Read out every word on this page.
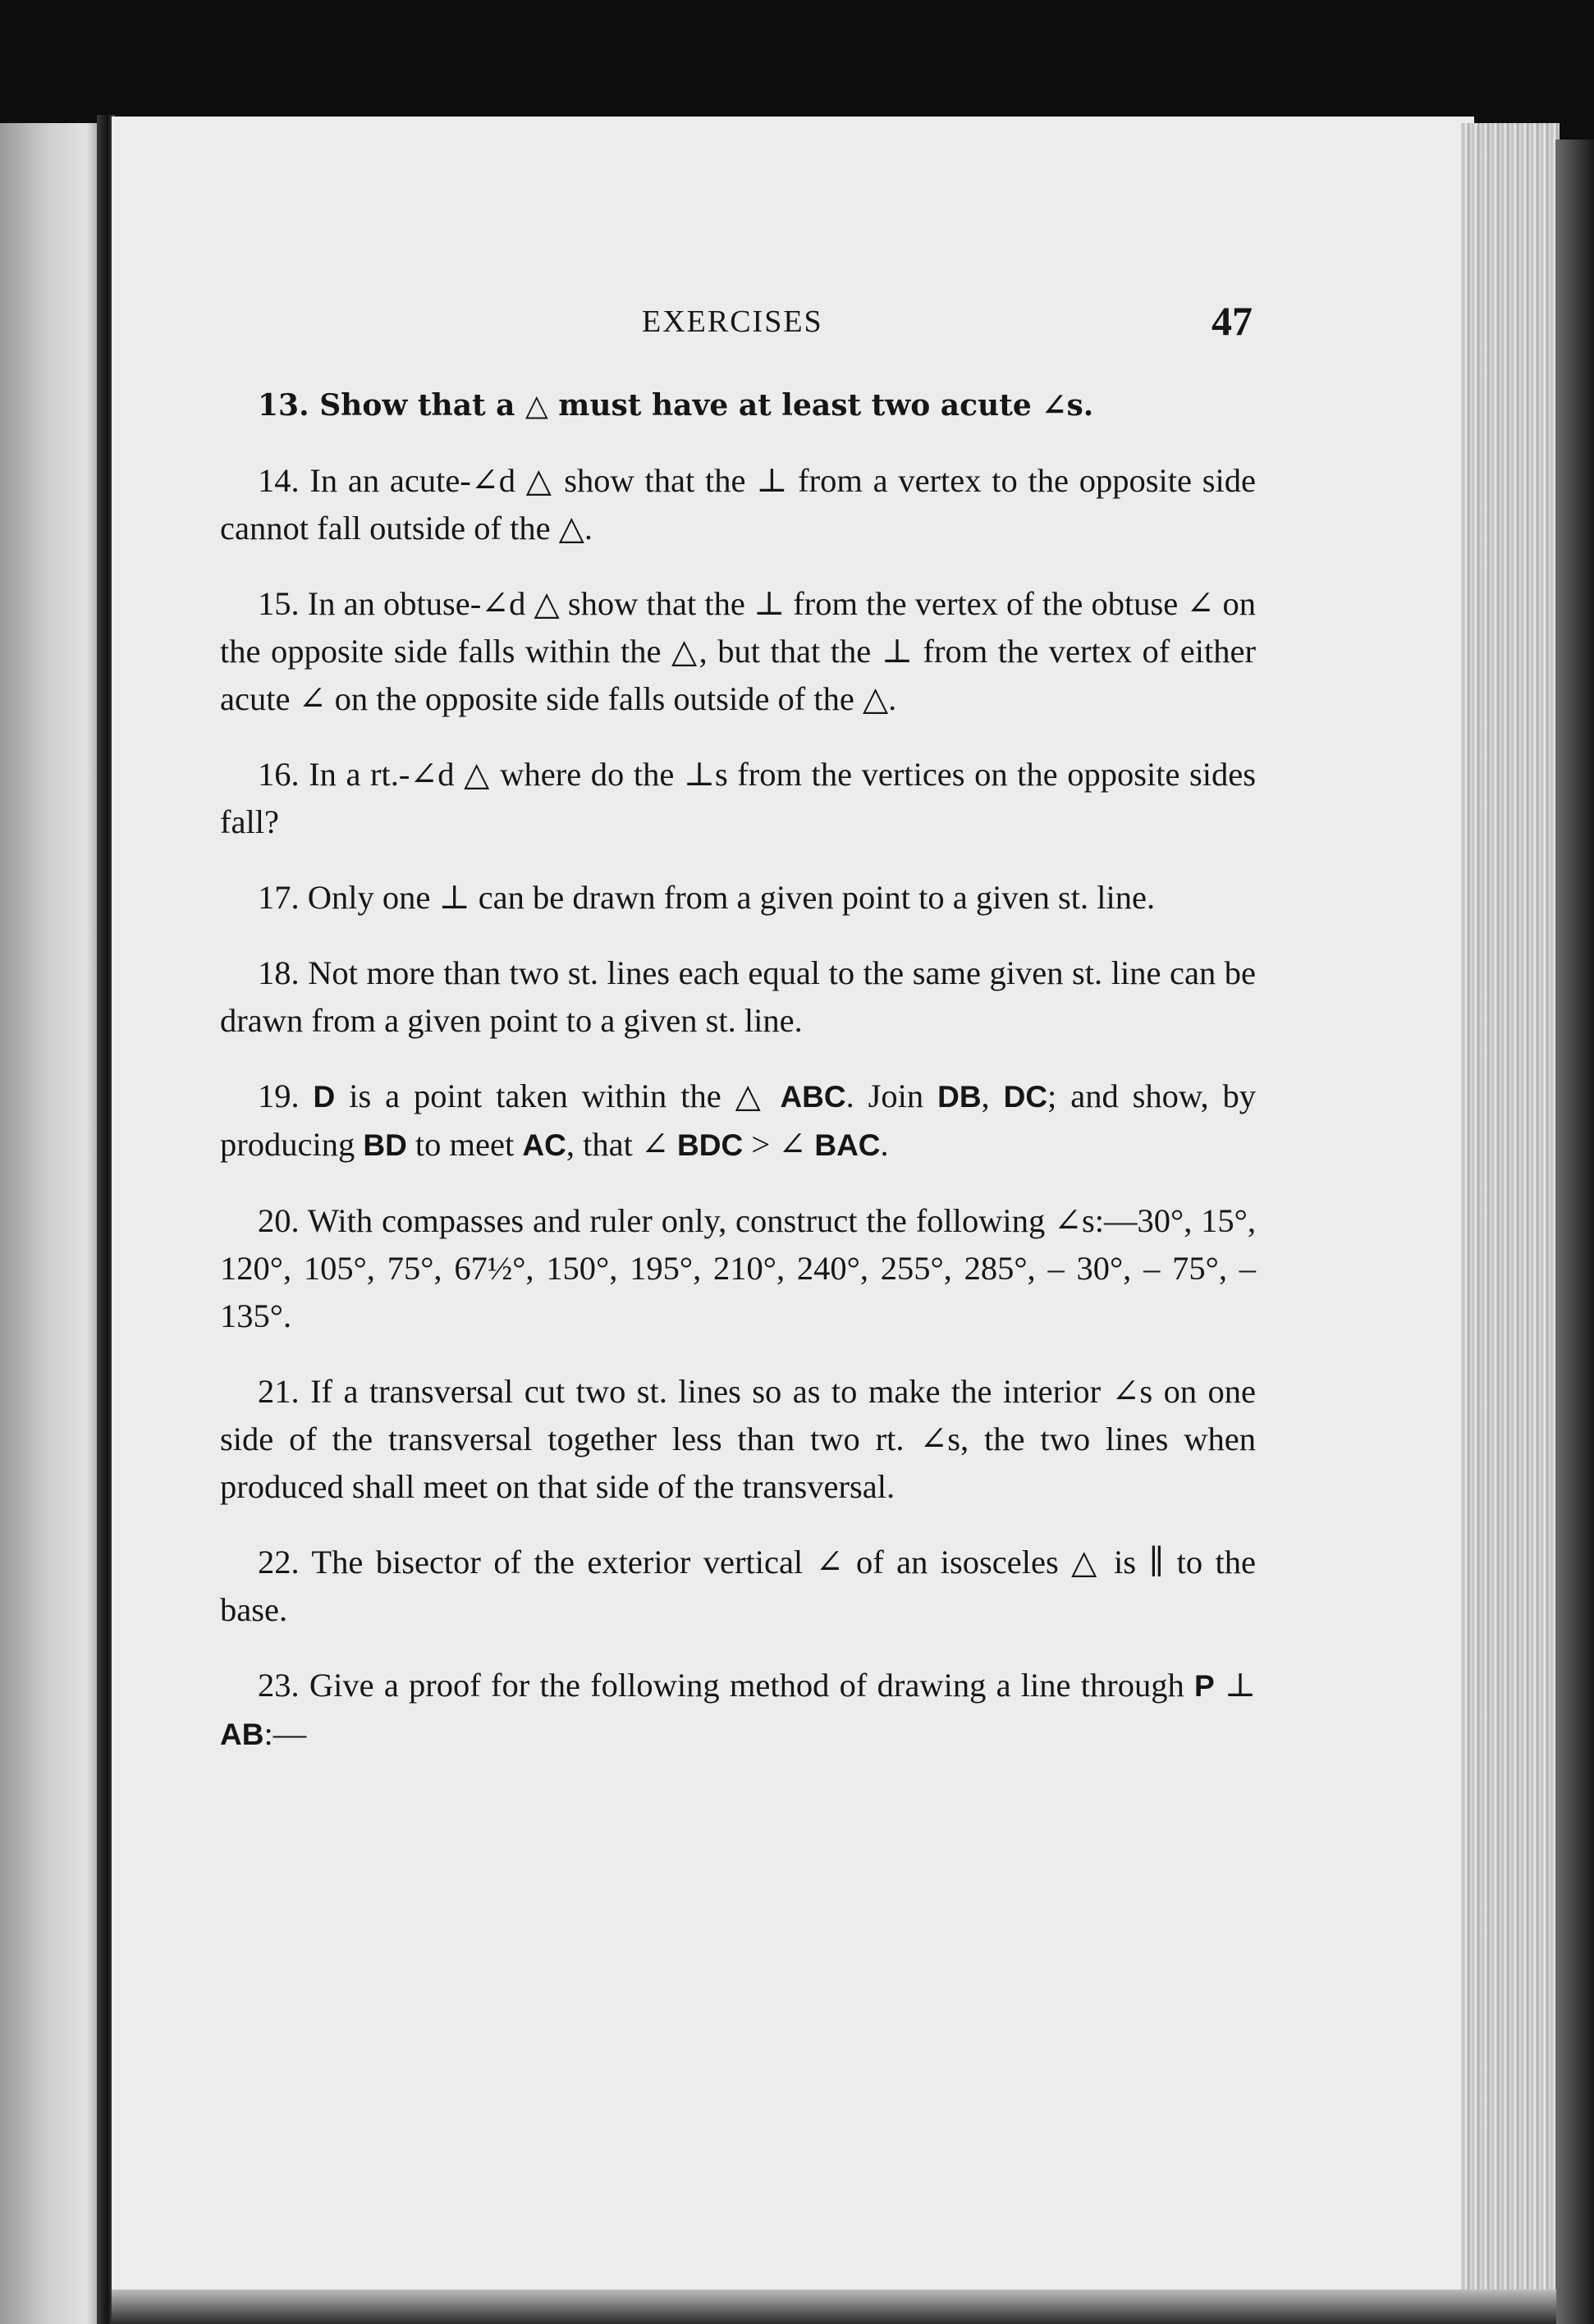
EXERCISES	47

13. Show that a △ must have at least two acute ∠s.

14. In an acute-∠d △ show that the ⊥ from a vertex to the opposite side cannot fall outside of the △.

15. In an obtuse-∠d △ show that the ⊥ from the vertex of the obtuse ∠ on the opposite side falls within the △, but that the ⊥ from the vertex of either acute ∠ on the opposite side falls outside of the △.

16. In a rt.-∠d △ where do the ⊥s from the vertices on the opposite sides fall?

17. Only one ⊥ can be drawn from a given point to a given st. line.

18. Not more than two st. lines each equal to the same given st. line can be drawn from a given point to a given st. line.

19. D is a point taken within the △ ABC. Join DB, DC; and show, by producing BD to meet AC, that ∠ BDC > ∠ BAC.

20. With compasses and ruler only, construct the following ∠s:—30°, 15°, 120°, 105°, 75°, 67½°, 150°, 195°, 210°, 240°, 255°, 285°, – 30°, – 75°, – 135°.

21. If a transversal cut two st. lines so as to make the interior ∠s on one side of the transversal together less than two rt. ∠s, the two lines when produced shall meet on that side of the transversal.

22. The bisector of the exterior vertical ∠ of an isosceles △ is ∥ to the base.

23. Give a proof for the following method of drawing a line through P ⊥ AB:—
